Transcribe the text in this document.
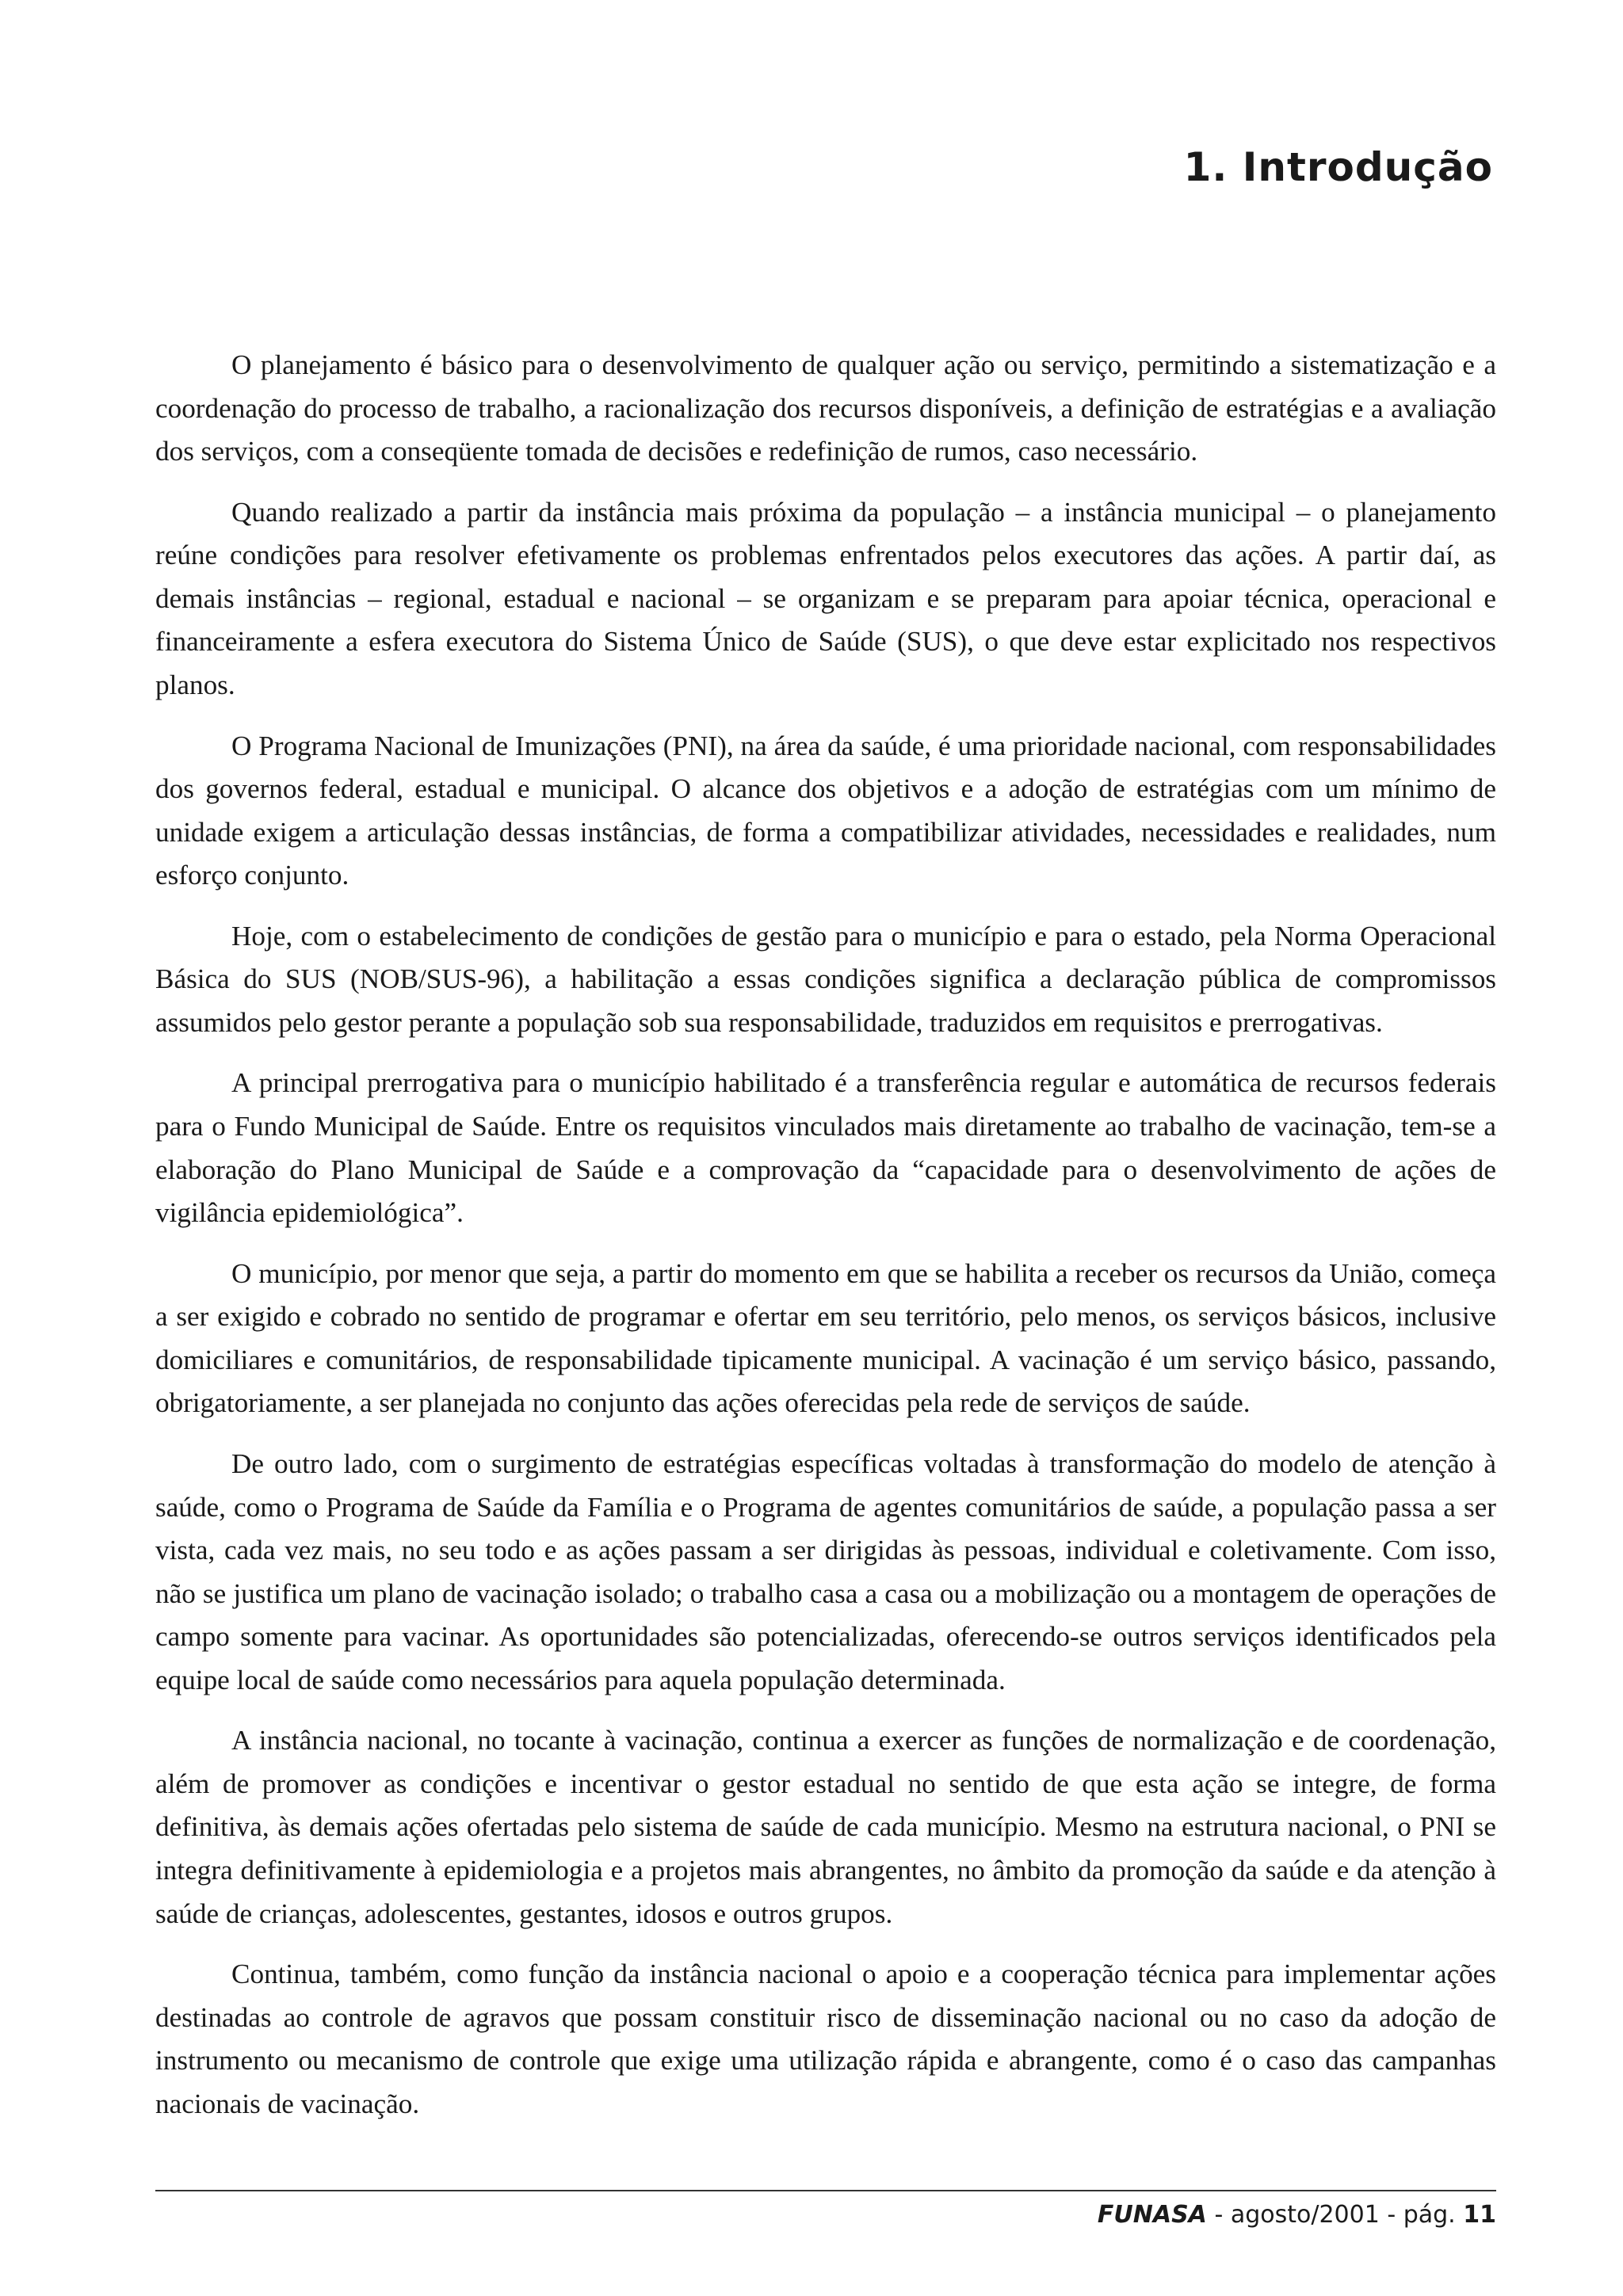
1. Introdução

O planejamento é básico para o desenvolvimento de qualquer ação ou serviço, permitindo a sistematização e a coordenação do processo de trabalho, a racionalização dos recursos disponíveis, a definição de estratégias e a avaliação dos serviços, com a conseqüente tomada de decisões e redefinição de rumos, caso necessário.

Quando realizado a partir da instância mais próxima da população – a instância municipal – o planejamento reúne condições para resolver efetivamente os problemas enfrentados pelos executores das ações. A partir daí, as demais instâncias – regional, estadual e nacional – se organizam e se preparam para apoiar técnica, operacional e financeiramente a esfera executora do Sistema Único de Saúde (SUS), o que deve estar explicitado nos respectivos planos.

O Programa Nacional de Imunizações (PNI), na área da saúde, é uma prioridade nacional, com responsabilidades dos governos federal, estadual e municipal. O alcance dos objetivos e a adoção de estratégias com um mínimo de unidade exigem a articulação dessas instâncias, de forma a compatibilizar atividades, necessidades e realidades, num esforço conjunto.

Hoje, com o estabelecimento de condições de gestão para o município e para o estado, pela Norma Operacional Básica do SUS (NOB/SUS-96), a habilitação a essas condições significa a declaração pública de compromissos assumidos pelo gestor perante a população sob sua responsabilidade, traduzidos em requisitos e prerrogativas.

A principal prerrogativa para o município habilitado é a transferência regular e automática de recursos federais para o Fundo Municipal de Saúde. Entre os requisitos vinculados mais diretamente ao trabalho de vacinação, tem-se a elaboração do Plano Municipal de Saúde e a comprovação da “capacidade para o desenvolvimento de ações de vigilância epidemiológica”.

O município, por menor que seja, a partir do momento em que se habilita a receber os recursos da União, começa a ser exigido e cobrado no sentido de programar e ofertar em seu território, pelo menos, os serviços básicos, inclusive domiciliares e comunitários, de responsabilidade tipicamente municipal. A vacinação é um serviço básico, passando, obrigatoriamente, a ser planejada no conjunto das ações oferecidas pela rede de serviços de saúde.

De outro lado, com o surgimento de estratégias específicas voltadas à transformação do modelo de atenção à saúde, como o Programa de Saúde da Família e o Programa de agentes comunitários de saúde, a população passa a ser vista, cada vez mais, no seu todo e as ações passam a ser dirigidas às pessoas, individual e coletivamente. Com isso, não se justifica um plano de vacinação isolado; o trabalho casa a casa ou a mobilização ou a montagem de operações de campo somente para vacinar. As oportunidades são potencializadas, oferecendo-se outros serviços identificados pela equipe local de saúde como necessários para aquela população determinada.

A instância nacional, no tocante à vacinação, continua a exercer as funções de normalização e de coordenação, além de promover as condições e incentivar o gestor estadual no sentido de que esta ação se integre, de forma definitiva, às demais ações ofertadas pelo sistema de saúde de cada município. Mesmo na estrutura nacional, o PNI se integra definitivamente à epidemiologia e a projetos mais abrangentes, no âmbito da promoção da saúde e da atenção à saúde de crianças, adolescentes, gestantes, idosos e outros grupos.

Continua, também, como função da instância nacional o apoio e a cooperação técnica para implementar ações destinadas ao controle de agravos que possam constituir risco de disseminação nacional ou no caso da adoção de instrumento ou mecanismo de controle que exige uma utilização rápida e abrangente, como é o caso das campanhas nacionais de vacinação.

FUNASA - agosto/2001 - pág. 11
